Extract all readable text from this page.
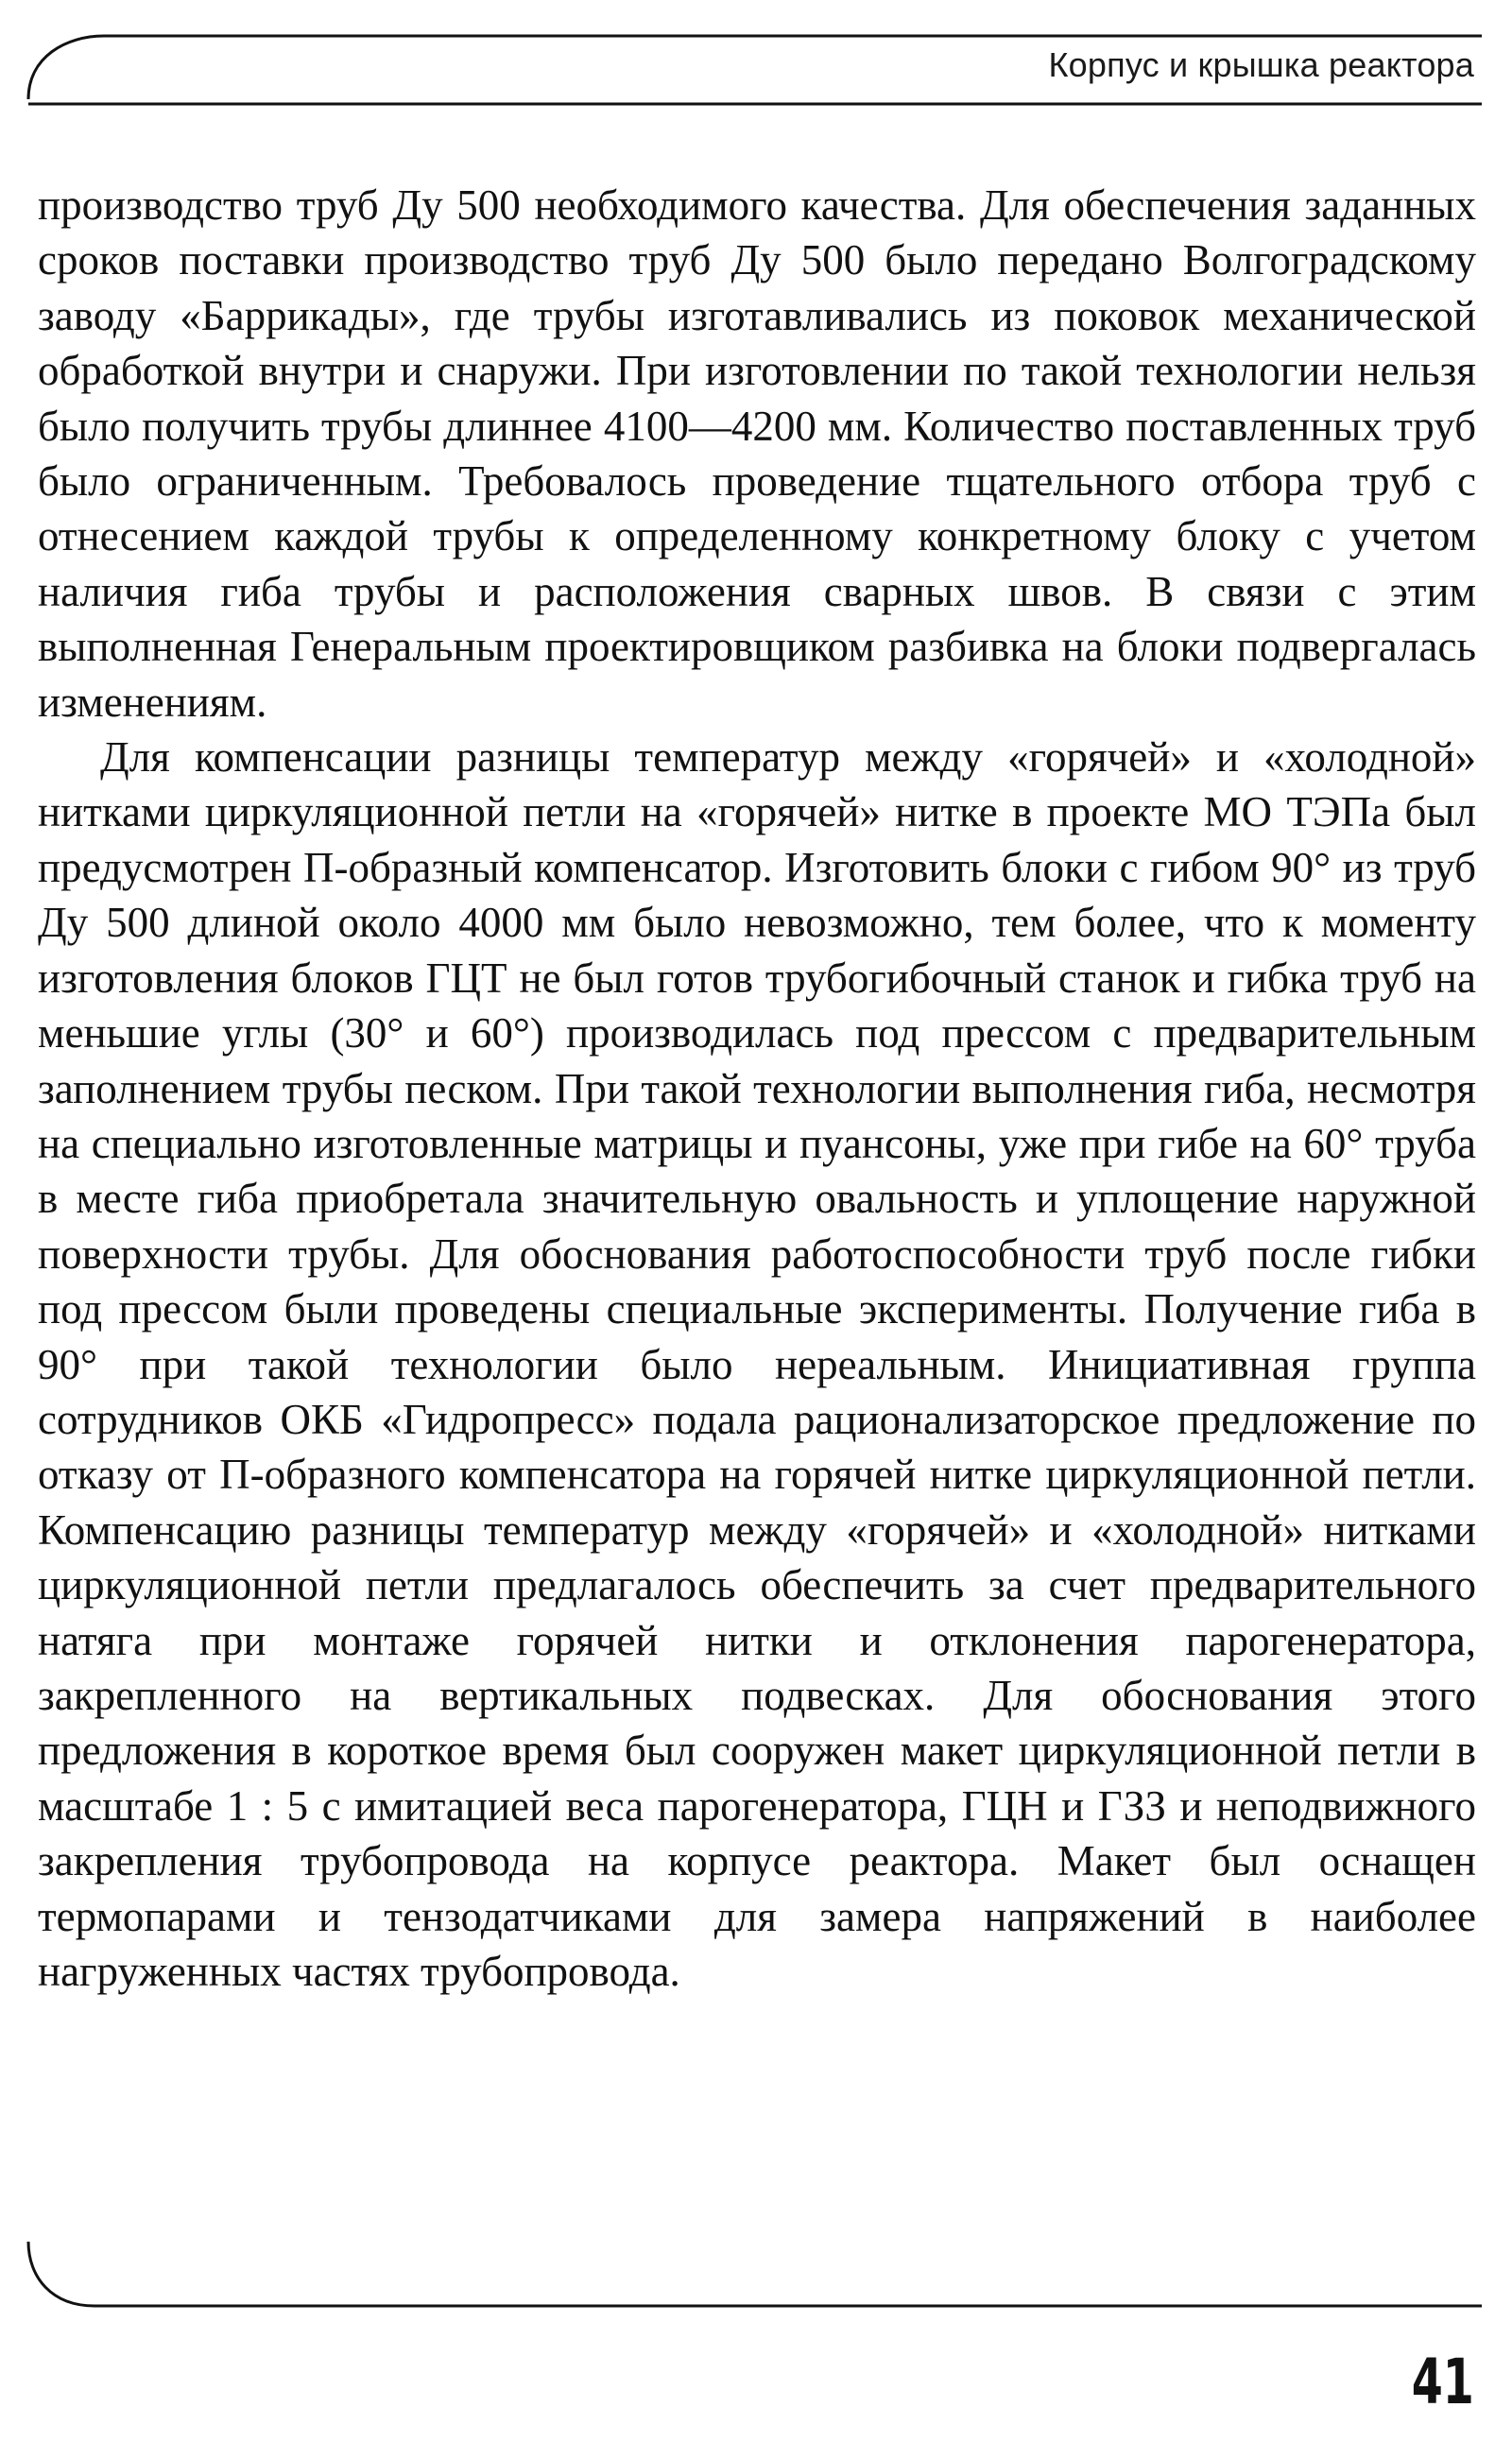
Корпус и крышка реактора

производство труб Ду 500 необходимого качества. Для обеспечения заданных сроков поставки производство труб Ду 500 было передано Волгоградскому заводу «Баррикады», где трубы изготавливались из поковок механической обработкой внутри и снаружи. При изготовлении по такой технологии нельзя было получить трубы длиннее 4100—4200 мм. Количество поставленных труб было ограниченным. Требовалось проведение тщательного отбора труб с отнесением каждой трубы к определенному конкретному блоку с учетом наличия гиба трубы и расположения сварных швов. В связи с этим выполненная Генеральным проектировщиком разбивка на блоки подвергалась изменениям.

Для компенсации разницы температур между «горячей» и «холодной» нитками циркуляционной петли на «горячей» нитке в проекте МО ТЭПа был предусмотрен П-образный компенсатор. Изготовить блоки с гибом 90° из труб Ду 500 длиной около 4000 мм было невозможно, тем более, что к моменту изготовления блоков ГЦТ не был готов трубогибочный станок и гибка труб на меньшие углы (30° и 60°) производилась под прессом с предварительным заполнением трубы песком. При такой технологии выполнения гиба, несмотря на специально изготовленные матрицы и пуансоны, уже при гибе на 60° труба в месте гиба приобретала значительную овальность и уплощение наружной поверхности трубы. Для обоснования работоспособности труб после гибки под прессом были проведены специальные эксперименты. Получение гиба в 90° при такой технологии было нереальным. Инициативная группа сотрудников ОКБ «Гидропресс» подала рационализаторское предложение по отказу от П-образного компенсатора на горячей нитке циркуляционной петли. Компенсацию разницы температур между «горячей» и «холодной» нитками циркуляционной петли предлагалось обеспечить за счет предварительного натяга при монтаже горячей нитки и отклонения парогенератора, закрепленного на вертикальных подвесках. Для обоснования этого предложения в короткое время был сооружен макет циркуляционной петли в масштабе 1 : 5 с имитацией веса парогенератора, ГЦН и ГЗЗ и неподвижного закрепления трубопровода на корпусе реактора. Макет был оснащен термопарами и тензодатчиками для замера напряжений в наиболее нагруженных частях трубопровода.

41
